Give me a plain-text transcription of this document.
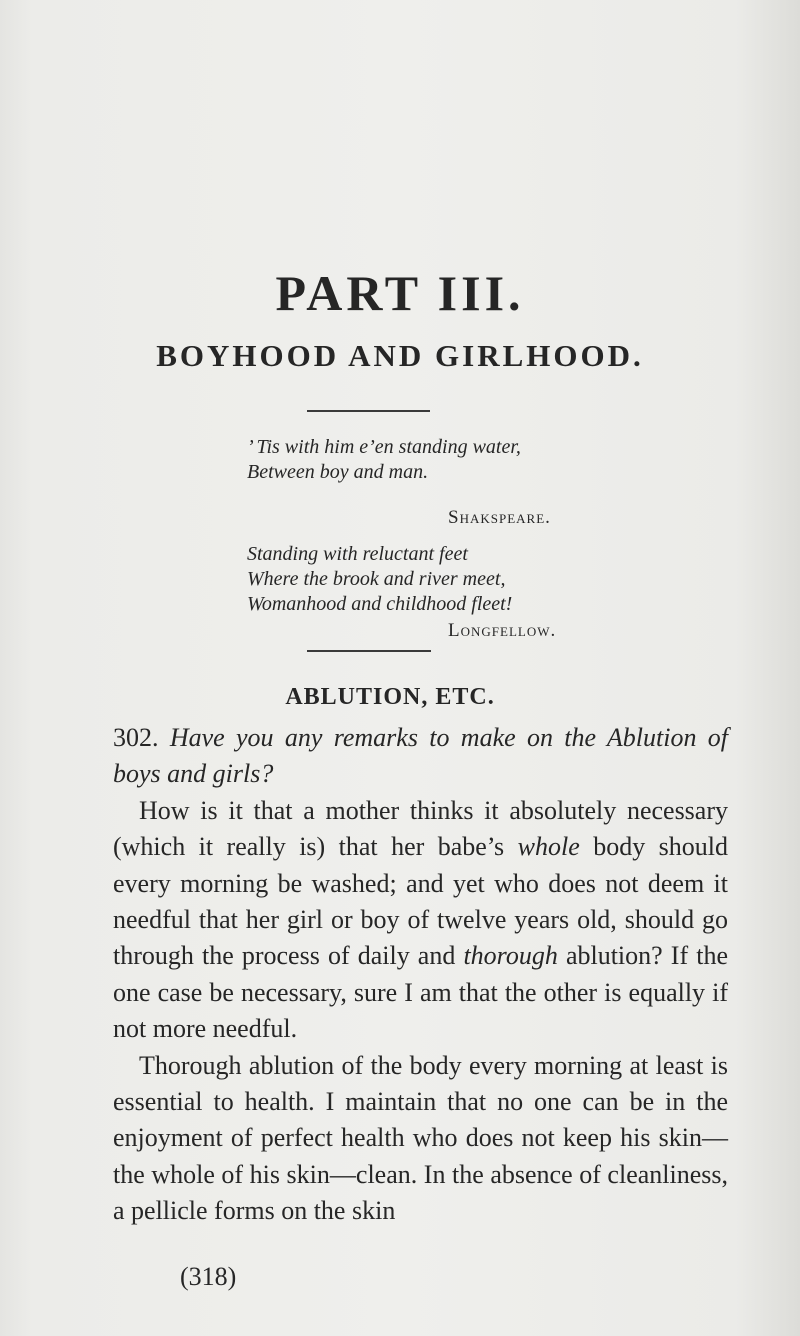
PART III.
BOYHOOD AND GIRLHOOD.
’ Tis with him e’en standing water,
Between boy and man.

Shakspeare.

Standing with reluctant feet
Where the brook and river meet,
Womanhood and childhood fleet!

Longfellow.

ABLUTION, ETC.

302. Have you any remarks to make on the Ablution of boys and girls?

 How is it that a mother thinks it absolutely necessary (which it really is) that her babe’s whole body should every morning be washed; and yet who does not deem it needful that her girl or boy of twelve years old, should go through the process of daily and thorough ablution? If the one case be necessary, sure I am that the other is equally if not more needful.

 Thorough ablution of the body every morning at least is essential to health. I maintain that no one can be in the enjoyment of perfect health who does not keep his skin—the whole of his skin—clean. In the absence of cleanliness, a pellicle forms on the skin

(318)
